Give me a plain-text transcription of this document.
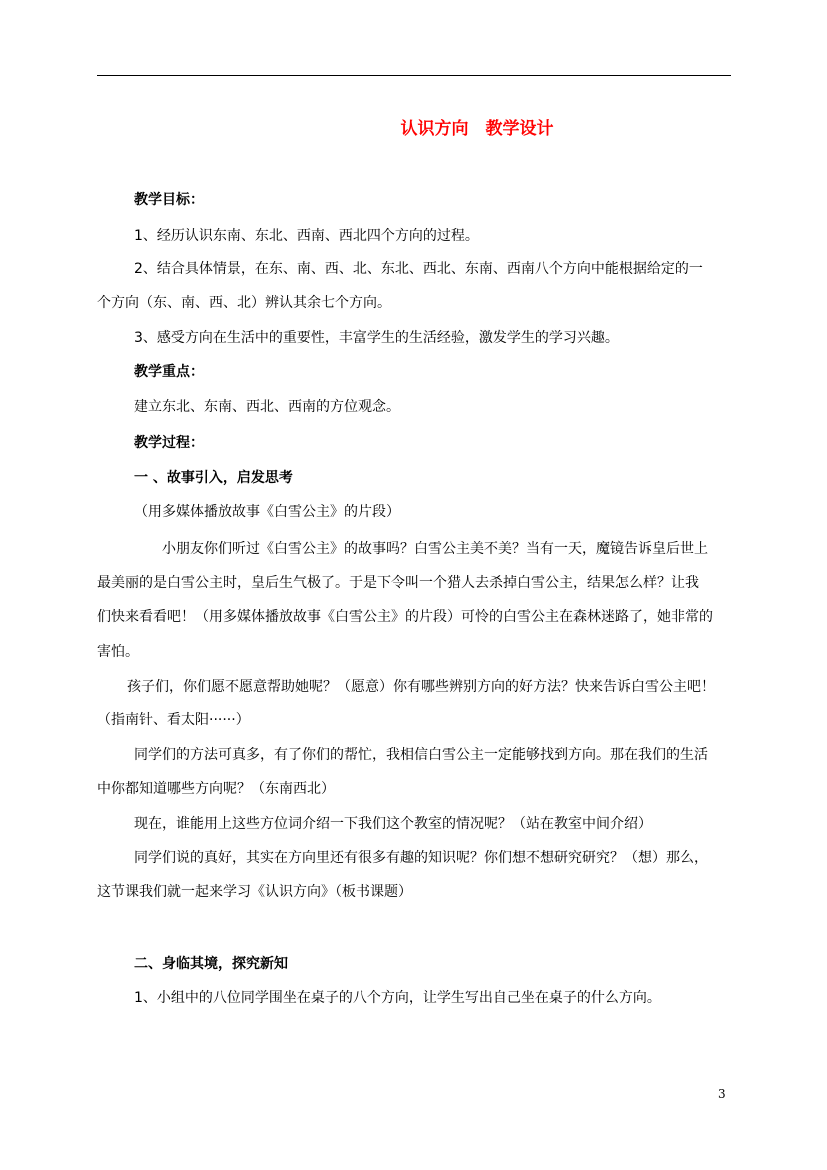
认识方向　教学设计
教学目标：
1、经历认识东南、东北、西南、西北四个方向的过程。
2、结合具体情景，在东、南、西、北、东北、西北、东南、西南八个方向中能根据给定的一
个方向（东、南、西、北）辨认其余七个方向。
3、感受方向在生活中的重要性，丰富学生的生活经验，激发学生的学习兴趣。
教学重点：
建立东北、东南、西北、西南的方位观念。
教学过程：
一 、故事引入，启发思考
（用多媒体播放故事《白雪公主》的片段）
小朋友你们听过《白雪公主》的故事吗？白雪公主美不美？当有一天，魔镜告诉皇后世上
最美丽的是白雪公主时，皇后生气极了。于是下令叫一个猎人去杀掉白雪公主，结果怎么样？让我
们快来看看吧！（用多媒体播放故事《白雪公主》的片段）可怜的白雪公主在森林迷路了，她非常的
害怕。
孩子们，你们愿不愿意帮助她呢？（愿意）你有哪些辨别方向的好方法？快来告诉白雪公主吧！
（指南针、看太阳······）
同学们的方法可真多，有了你们的帮忙，我相信白雪公主一定能够找到方向。那在我们的生活
中你都知道哪些方向呢？（东南西北）
现在，谁能用上这些方位词介绍一下我们这个教室的情况呢？（站在教室中间介绍）
同学们说的真好，其实在方向里还有很多有趣的知识呢？你们想不想研究研究？（想）那么，
这节课我们就一起来学习《认识方向》（板书课题）
二、身临其境，探究新知
1、小组中的八位同学围坐在桌子的八个方向，让学生写出自己坐在桌子的什么方向。
3
